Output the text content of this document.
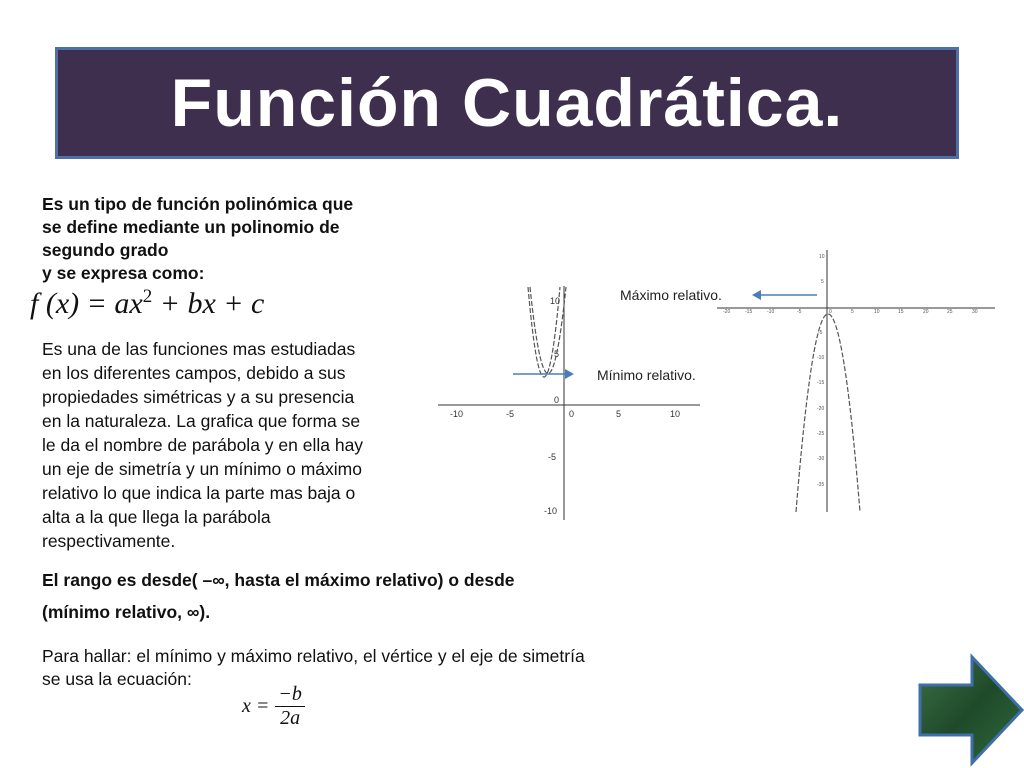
Función Cuadrática.
Es un tipo de función polinómica que
se define mediante un polinomio de
segundo grado
y se expresa como:
f $(x) = ax^2$ + bx + c
Es una de las funciones mas estudiadas
en los diferentes campos, debido a sus
propiedades simétricas y a su presencia
en la naturaleza. La grafica que forma se
le da el nombre de parábola y en ella hay
un eje de simetría y un mínimo o máximo
relativo lo que indica la parte mas baja o
alta a la que llega la parábola
respectivamente.
El rango es desde( –∞, hasta el máximo relativo) o desde
(mínimo relativo, ∞).
Para hallar: el mínimo y máximo relativo, el vértice y el eje de simetría
se usa la ecuación:
$x = \frac{-b}{2a}$
-10	-5	0	5	10
10
5
0
-5
-10
Mínimo relativo.
-20	-15	-10	-5	0	5	10	15	20	25	30
10
5
-5
-10
-15
-20
-25
-30
-35
Máximo relativo.
